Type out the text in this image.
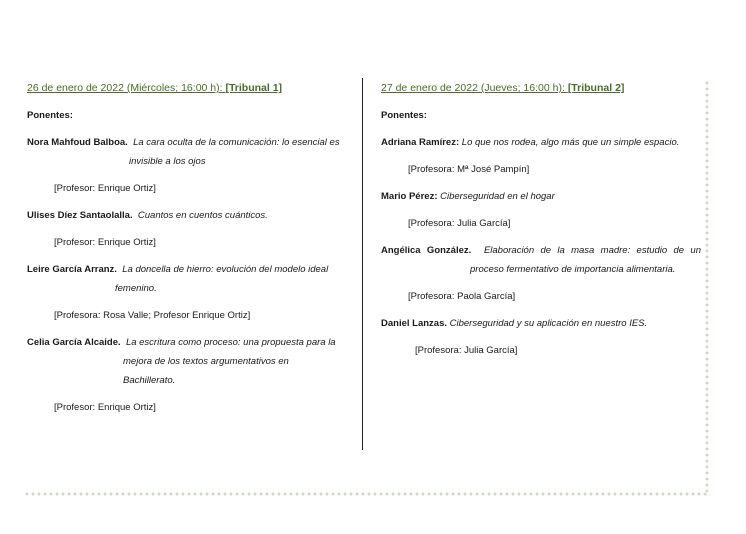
26 de enero de 2022 (Miércoles; 16:00 h): [Tribunal 1]
Ponentes:
Nora Mahfoud Balboa. La cara oculta de la comunicación: lo esencial es
invisible a los ojos
[Profesor: Enrique Ortiz]
Ulises Díez Santaolalla. Cuantos en cuentos cuánticos.
[Profesor: Enrique Ortiz]
Leire García Arranz. La doncella de hierro: evolución del modelo ideal
femenino.
[Profesora: Rosa Valle; Profesor Enrique Ortiz]
Celia García Alcaide. La escritura como proceso: una propuesta para la
mejora de los textos argumentativos en
Bachillerato.
[Profesor: Enrique Ortiz]
27 de enero de 2022 (Jueves; 16:00 h): [Tribunal 2]
Ponentes:
Adriana Ramírez: Lo que nos rodea, algo más que un simple espacio.
[Profesora: Mª José Pampín]
Mario Pérez: Ciberseguridad en el hogar
[Profesora: Julia García]
Angélica González. Elaboración de la masa madre: estudio de un
proceso fermentativo de importancia alimentaria.
[Profesora: Paola García]
Daniel Lanzas. Ciberseguridad y su aplicación en nuestro IES.
[Profesora: Julia García]
